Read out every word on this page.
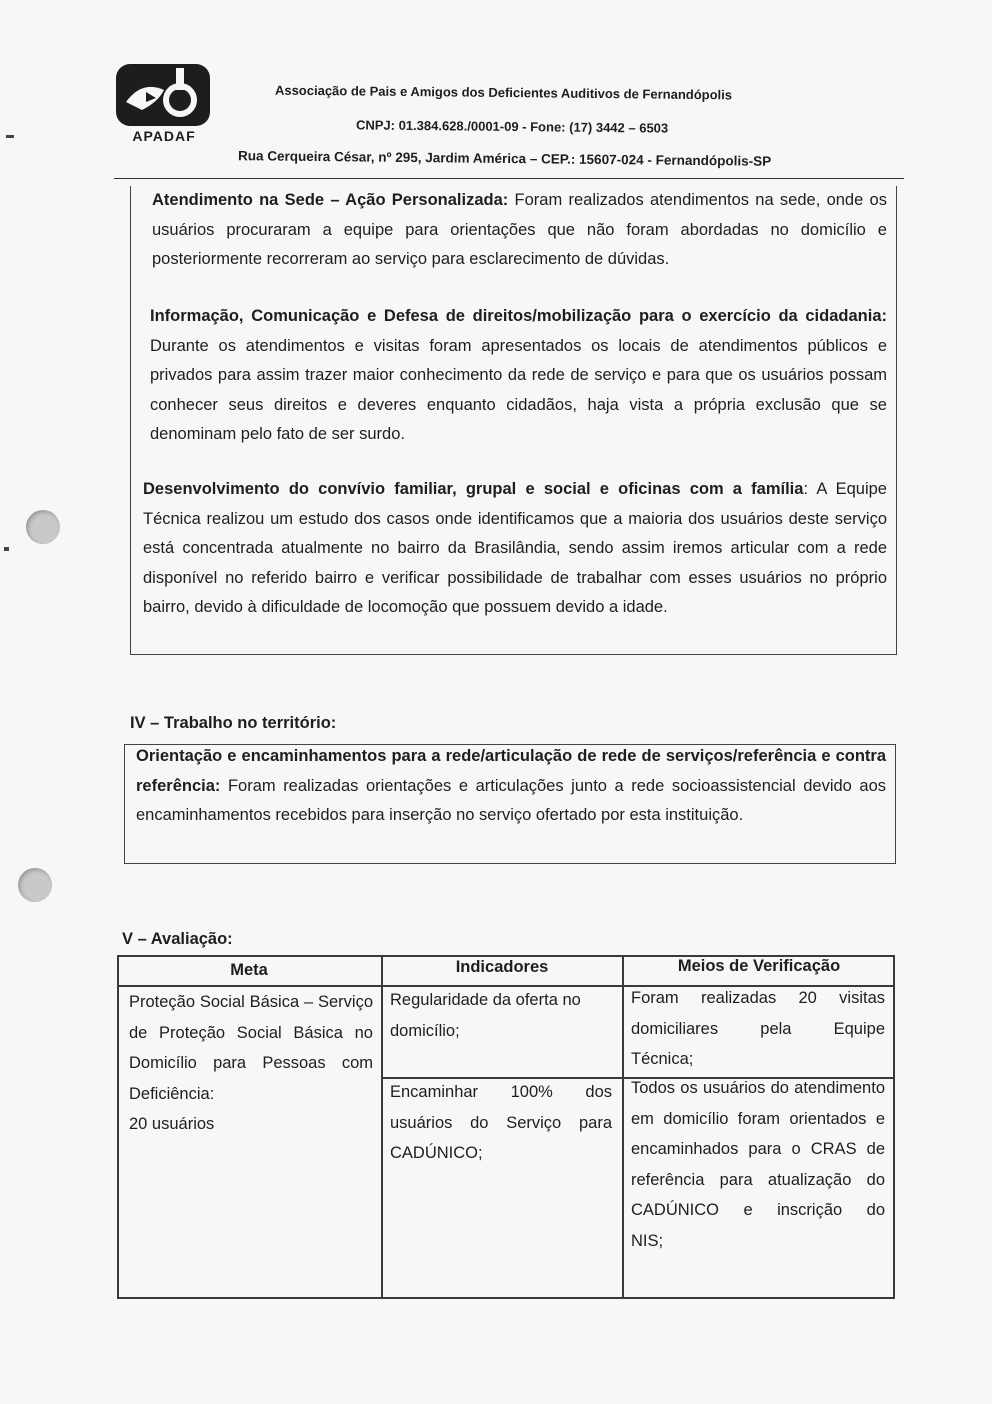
APADAF
Associação de Pais e Amigos dos Deficientes Auditivos de Fernandópolis
CNPJ: 01.384.628./0001-09 - Fone: (17) 3442 – 6503
Rua Cerqueira César, nº 295, Jardim América – CEP.: 15607-024 - Fernandópolis-SP
Atendimento na Sede – Ação Personalizada: Foram realizados atendimentos na sede, onde os usuários procuraram a equipe para orientações que não foram abordadas no domicílio e posteriormente recorreram ao serviço para esclarecimento de dúvidas.
Informação, Comunicação e Defesa de direitos/mobilização para o exercício da cidadania: Durante os atendimentos e visitas foram apresentados os locais de atendimentos públicos e privados para assim trazer maior conhecimento da rede de serviço e para que os usuários possam conhecer seus direitos e deveres enquanto cidadãos, haja vista a própria exclusão que se denominam pelo fato de ser surdo.
Desenvolvimento do convívio familiar, grupal e social e oficinas com a família: A Equipe Técnica realizou um estudo dos casos onde identificamos que a maioria dos usuários deste serviço está concentrada atualmente no bairro da Brasilândia, sendo assim iremos articular com a rede disponível no referido bairro e verificar possibilidade de trabalhar com esses usuários no próprio bairro, devido à dificuldade de locomoção que possuem devido a idade.
IV – Trabalho no território:
Orientação e encaminhamentos para a rede/articulação de rede de serviços/referência e contra referência: Foram realizadas orientações e articulações junto a rede socioassistencial devido aos encaminhamentos recebidos para inserção no serviço ofertado por esta instituição.
V – Avaliação:
Meta	Indicadores	Meios de Verificação
Proteção Social Básica – Serviço de Proteção Social Básica no Domicílio para Pessoas com Deficiência:
20 usuários
Regularidade da oferta no domicílio;
Foram realizadas 20 visitas domiciliares pela Equipe
Técnica;
Encaminhar 100% dos usuários do Serviço para
CADÚNICO;
Todos os usuários do atendimento em domicílio foram orientados e encaminhados para o CRAS de referência para atualização do CADÚNICO e inscrição do
NIS;
